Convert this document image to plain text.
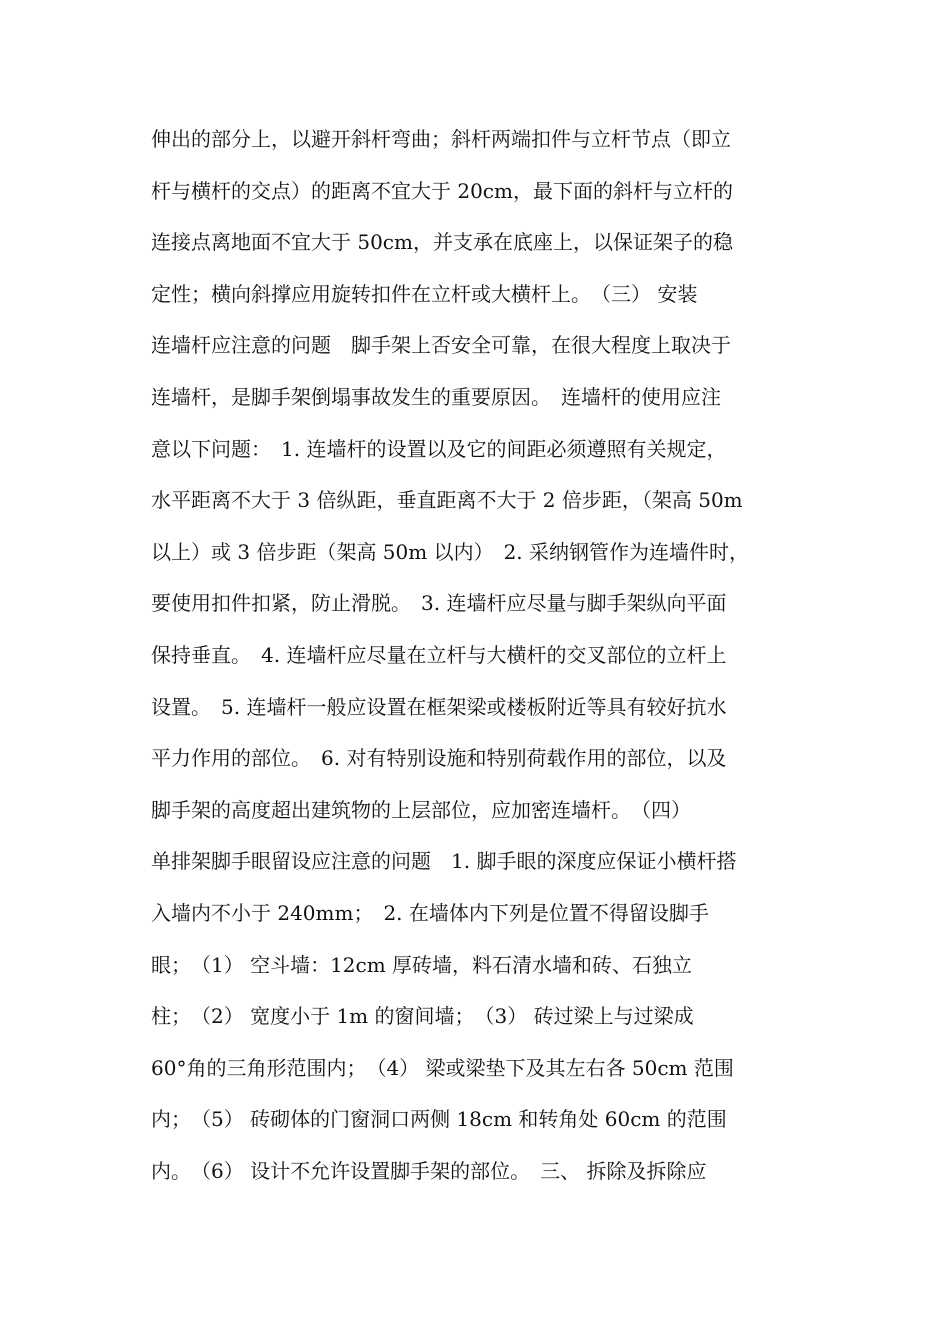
伸出的部分上，以避开斜杆弯曲；斜杆两端扣件与立杆节点（即立
杆与横杆的交点）的距离不宜大于 20cm，最下面的斜杆与立杆的
连接点离地面不宜大于 50cm，并支承在底座上，以保证架子的稳
定性；横向斜撑应用旋转扣件在立杆或大横杆上。　（三） 安装
连墙杆应注意的问题　脚手架上否安全可靠，在很大程度上取决于
连墙杆，是脚手架倒塌事故发生的重要原因。　连墙杆的使用应注
意以下问题：　1. 连墙杆的设置以及它的间距必须遵照有关规定，
水平距离不大于 3 倍纵距，垂直距离不大于 2 倍步距，（架高 50m
以上）或 3 倍步距（架高 50m 以内）　2. 采纳钢管作为连墙件时，
要使用扣件扣紧，防止滑脱。　3. 连墙杆应尽量与脚手架纵向平面
保持垂直。　4. 连墙杆应尽量在立杆与大横杆的交叉部位的立杆上
设置。　5. 连墙杆一般应设置在框架梁或楼板附近等具有较好抗水
平力作用的部位。　6. 对有特别设施和特别荷载作用的部位，以及
脚手架的高度超出建筑物的上层部位，应加密连墙杆。　（四）
单排架脚手眼留设应注意的问题　1. 脚手眼的深度应保证小横杆搭
入墙内不小于 240mm；　2. 在墙体内下列是位置不得留设脚手
眼；　（1） 空斗墙：12cm 厚砖墙，料石清水墙和砖、石独立
柱；　（2） 宽度小于 1m 的窗间墙；　（3） 砖过梁上与过梁成
60°角的三角形范围内；　（4） 梁或梁垫下及其左右各 50cm 范围
内；　（5） 砖砌体的门窗洞口两侧 18cm 和转角处 60cm 的范围
内。　（6） 设计不允许设置脚手架的部位。　三、 拆除及拆除应
